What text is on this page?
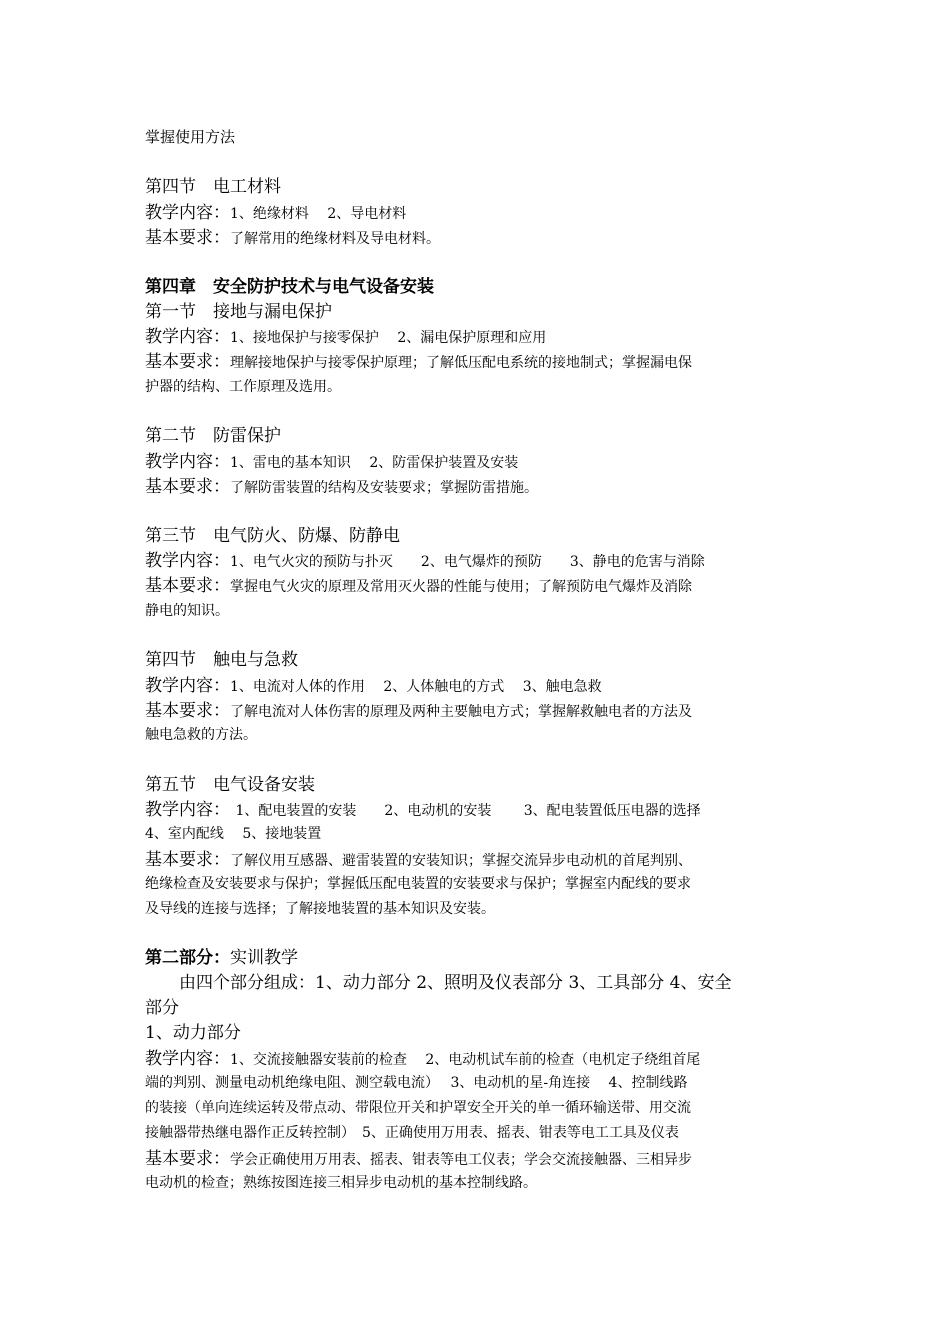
掌握使用方法
第四节　电工材料
教学内容：1、绝缘材料　 2、导电材料
基本要求：了解常用的绝缘材料及导电材料。
第四章　安全防护技术与电气设备安装
第一节　接地与漏电保护
教学内容：1、接地保护与接零保护　 2、漏电保护原理和应用
基本要求：理解接地保护与接零保护原理；了解低压配电系统的接地制式；掌握漏电保
护器的结构、工作原理及选用。
第二节　防雷保护
教学内容：1、雷电的基本知识　 2、防雷保护装置及安装
基本要求：了解防雷装置的结构及安装要求；掌握防雷措施。
第三节　电气防火、防爆、防静电
教学内容：1、电气火灾的预防与扑灭　　2、电气爆炸的预防　　3、静电的危害与消除
基本要求：掌握电气火灾的原理及常用灭火器的性能与使用；了解预防电气爆炸及消除
静电的知识。
第四节　触电与急救
教学内容：1、电流对人体的作用　 2、人体触电的方式　 3、触电急救
基本要求：了解电流对人体伤害的原理及两种主要触电方式；掌握解救触电者的方法及
触电急救的方法。
第五节　电气设备安装
教学内容：　1、配电装置的安装　　2、电动机的安装　　 3、配电装置低压电器的选择
4、室内配线　 5、接地装置
基本要求：了解仪用互感器、避雷装置的安装知识；掌握交流异步电动机的首尾判别、
绝缘检查及安装要求与保护；掌握低压配电装置的安装要求与保护；掌握室内配线的要求
及导线的连接与选择；了解接地装置的基本知识及安装。
第二部分：实训教学
　　由四个部分组成：1、动力部分 2、照明及仪表部分 3、工具部分 4、安全
部分
1、动力部分
教学内容：1、交流接触器安装前的检查　 2、电动机试车前的检查（电机定子绕组首尾
端的判别、测量电动机绝缘电阻、测空载电流）　 3、电动机的星-角连接　 4、控制线路
的装接（单向连续运转及带点动、带限位开关和护罩安全开关的单一循环输送带、用交流
接触器带热继电器作正反转控制）　5、正确使用万用表、摇表、钳表等电工工具及仪表
基本要求：学会正确使用万用表、摇表、钳表等电工仪表；学会交流接触器、三相异步
电动机的检查；熟练按图连接三相异步电动机的基本控制线路。
